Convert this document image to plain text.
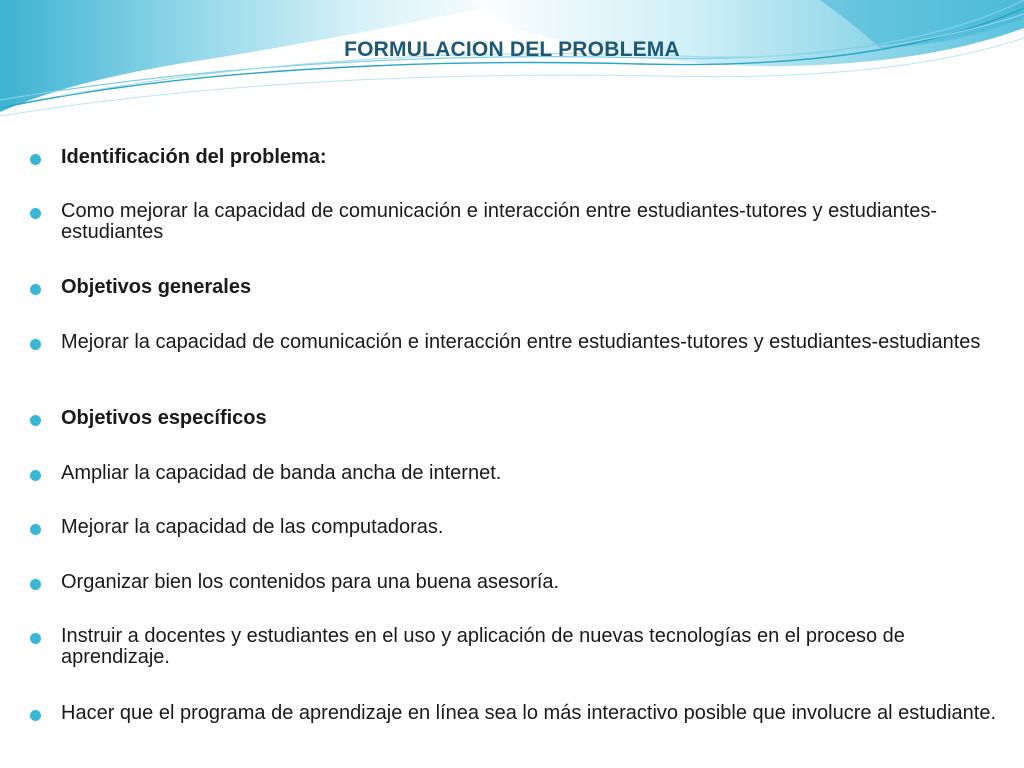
FORMULACION DEL PROBLEMA
Identificación del problema:
Como mejorar la capacidad de comunicación e interacción entre estudiantes-tutores y estudiantes-estudiantes
Objetivos generales
Mejorar la capacidad de comunicación e interacción entre estudiantes-tutores y estudiantes-estudiantes
Objetivos específicos
Ampliar la capacidad de banda ancha de internet.
Mejorar la capacidad de las computadoras.
Organizar bien los contenidos para una buena asesoría.
Instruir a docentes y estudiantes en el uso y aplicación de nuevas tecnologías en el proceso de aprendizaje.
Hacer que el programa de aprendizaje en línea sea lo más interactivo posible que involucre al estudiante.
